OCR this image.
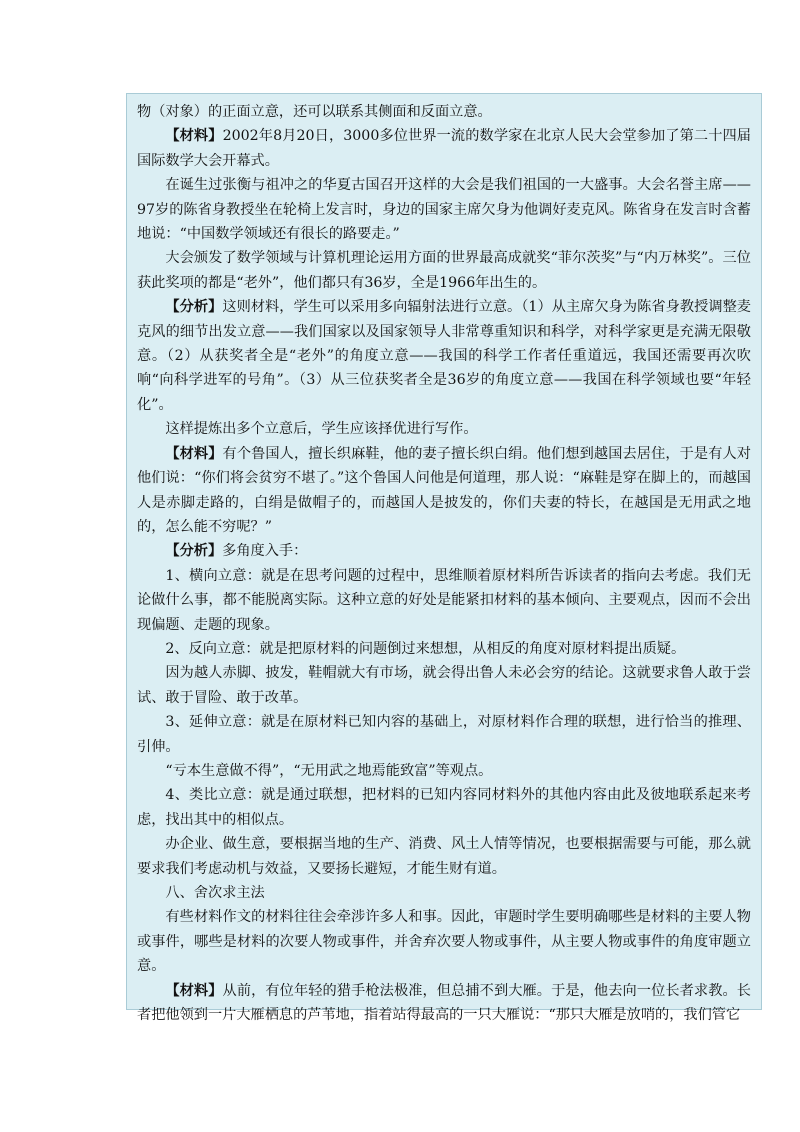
物（对象）的正面立意，还可以联系其侧面和反面立意。

【材料】2002年8月20日，3000多位世界一流的数学家在北京人民大会堂参加了第二十四届国际数学大会开幕式。

在诞生过张衡与祖冲之的华夏古国召开这样的大会是我们祖国的一大盛事。大会名誉主席——97岁的陈省身教授坐在轮椅上发言时，身边的国家主席欠身为他调好麦克风。陈省身在发言时含蓄地说：“中国数学领域还有很长的路要走。”

大会颁发了数学领域与计算机理论运用方面的世界最高成就奖“菲尔茨奖”与“内万林奖”。三位获此奖项的都是“老外”，他们都只有36岁，全是1966年出生的。

【分析】这则材料，学生可以采用多向辐射法进行立意。（1）从主席欠身为陈省身教授调整麦克风的细节出发立意——我们国家以及国家领导人非常尊重知识和科学，对科学家更是充满无限敬意。（2）从获奖者全是“老外”的角度立意——我国的科学工作者任重道远，我国还需要再次吹响“向科学进军的号角”。（3）从三位获奖者全是36岁的角度立意——我国在科学领域也要“年轻化”。

这样提炼出多个立意后，学生应该择优进行写作。

【材料】有个鲁国人，擅长织麻鞋，他的妻子擅长织白绢。他们想到越国去居住，于是有人对他们说：“你们将会贫穷不堪了。”这个鲁国人问他是何道理，那人说：“麻鞋是穿在脚上的，而越国人是赤脚走路的，白绢是做帽子的，而越国人是披发的，你们夫妻的特长，在越国是无用武之地的，怎么能不穷呢？”

【分析】多角度入手：

1、横向立意：就是在思考问题的过程中，思维顺着原材料所告诉读者的指向去考虑。我们无论做什么事，都不能脱离实际。这种立意的好处是能紧扣材料的基本倾向、主要观点，因而不会出现偏题、走题的现象。

2、反向立意：就是把原材料的问题倒过来想想，从相反的角度对原材料提出质疑。

因为越人赤脚、披发，鞋帽就大有市场，就会得出鲁人未必会穷的结论。这就要求鲁人敢于尝试、敢于冒险、敢于改革。

3、延伸立意：就是在原材料已知内容的基础上，对原材料作合理的联想，进行恰当的推理、引伸。

“亏本生意做不得”，“无用武之地焉能致富”等观点。

4、类比立意：就是通过联想，把材料的已知内容同材料外的其他内容由此及彼地联系起来考虑，找出其中的相似点。

办企业、做生意，要根据当地的生产、消费、风土人情等情况，也要根据需要与可能，那么就要求我们考虑动机与效益，又要扬长避短，才能生财有道。

八、舍次求主法

有些材料作文的材料往往会牵涉许多人和事。因此，审题时学生要明确哪些是材料的主要人物或事件，哪些是材料的次要人物或事件，并舍弃次要人物或事件，从主要人物或事件的角度审题立意。

【材料】从前，有位年轻的猎手枪法极准，但总捕不到大雁。于是，他去向一位长者求教。长者把他领到一片大雁栖息的芦苇地，指着站得最高的一只大雁说：“那只大雁是放哨的，我们管它
